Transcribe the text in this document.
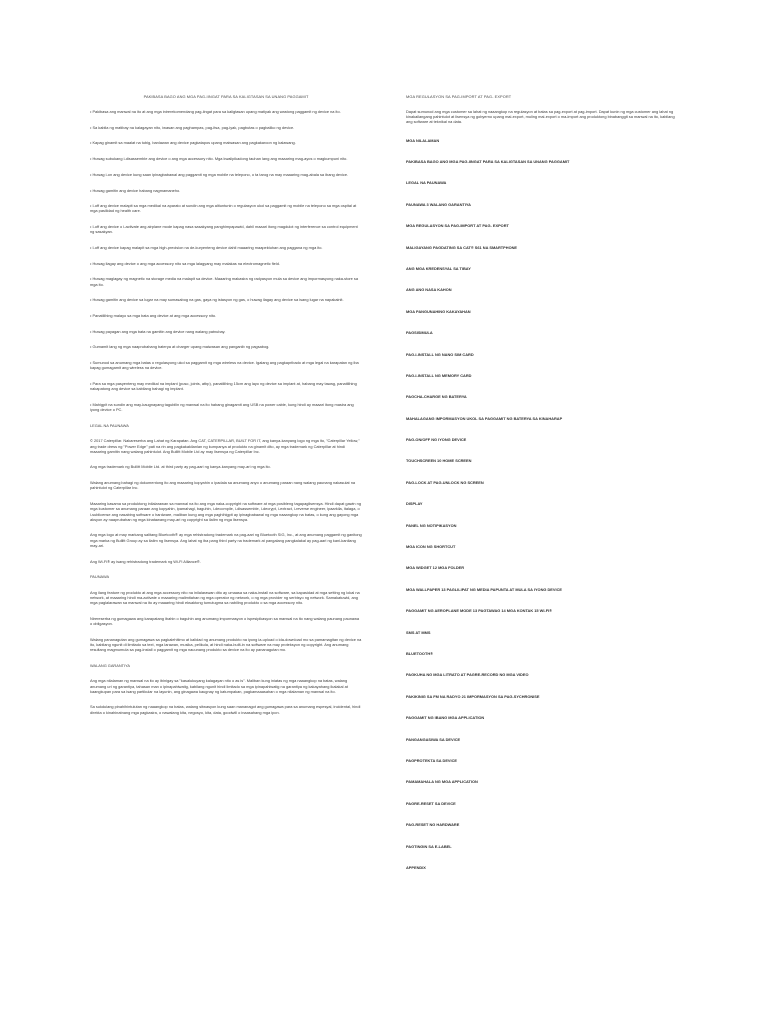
PAKIBASA BAGO ANG MGA PAG-IINGAT PARA SA KALIGTASAN SA UNANG PAGGAMIT
• Pakibasa ang manwal na ito at ang mga inirerekomendang pag-iingat para sa kaligtasan upang matiyak ang wastong paggamit ng device na ito.
• Sa kabila ng matibay na kalagayan nito, iwasan ang paghampas, pag-itsa, pag-iyak, pagbutas o pagbaliko ng device.
• Kapag ginamit sa maalat na tubig, banlawan ang device pagkatapos upang maiwasan ang pagkakaroon ng kalawang.
• Huwag subukang i-disassemble ang device o ang mga accessory nito. Mga kwalipikadong tauhan lang ang maaaring mag-ayos o magkumpuni nito.
• Huwag i-on ang device kung saan ipinagbabawal ang paggamit ng mga mobile na telepono, o ta tarog na may maaaring mag-abala sa ibang device.
• Huwag gamitin ang device habang nagmamaneho.
• I-off ang device malapit sa mga medikal na aparato at sundin ang mga alituntunin o regulasyon ukol sa paggamit ng mobile na telepono sa mga ospital at mga pasilidad ng health care.
• I-off ang device o i-activate ang airplane mode kapag nasa sasakyang panghimpapawid, dahil maaari itong magdulot ng interference sa control equipment ng sasakyan.
• I-off ang device kapag malapit sa mga high-precision na de-kuryenteng device dahil maaaring maapektuhan ang paggana ng mga ito.
• Huwag ilagay ang device o ang mga accessory nito sa mga lalagyang may malakas na electromagnetic field.
• Huwag maglagay ng magnetic na storage media na malapit sa device. Maaaring makasira ng radyasyon mula sa device ang impormasyong naka-store sa mga ito.
• Huwag gamitin ang device sa lugar na may sumasabog na gas, gaya ng istasyon ng gas, o huwag ilagay ang device sa isang lugar na napakainit.
• Panatilihing malayo sa mga bata ang device at ang mga accessory nito.
• Huwag payagan ang mga bata na gamitin ang device nang walang patnubay.
• Gumamit lang ng mga naaprubahang baterya at charger upang maiwasan ang panganib ng pagsabog.
• Sumunod sa anumang mga batas o regulasyong ukol sa paggamit ng mga wireless na device. Igalang ang pagkapribado at mga legal na karapatan ng iba kapag gumagamit ang wireless na device.
• Para sa mga pasyenteng may medikal na implant (puso, joints, atbp), panatilihing 15cm ang layo ng device sa implant at, habang may tawag, panatilihing nakapatong ang device sa kabilang bahagi ng implant.
• Mahigpit na sundin ang may-kaugnayang tagubilin ng manwal na ito habang ginagamit ang USB na power cable, kung hindi ay maaari itong masira ang iyong device o PC.
LEGAL NA PAUNAWA
© 2017 Caterpillar. Nakareserba ang Lahat ng Karapatan. Ang CAT, CATERPILLAR, BUILT FOR IT, ang kanya-kanyang logo ng mga ito, "Caterpillar Yellow," ang trade dress ng "Power Edge" pati na rin ang pagkakakilanlan ng kumpanya at produkto na ginamit dito, ay mga trademark ng Caterpillar at hindi maaaring gamitin nang walang pahintulot. Ang Bullitt Mobile Ltd ay may lisensya ng Caterpillar Inc.
Ang mga trademark ng Bullitt Mobile Ltd. at third party ay pag-aari ng kanya-kanyang may-ari ng mga ito.
Walang anumang bahagi ng dokumentong ito ang maaaring kopyahin o ipadala sa anumang anyo o anumang paraan nang walang paunang nakasulat na pahintulot ng Caterpillar Inc.
Maaaring kasama sa produktong inilalarawan sa manwal na ito ang mga naka-copyright na software at mga posibleng tagapaglisensya. Hindi dapat gawin ng mga kustomer sa anumang paraan ang kopyahin, ipamahagi, baguhin, i-decompile, i-disassemble, i-decrypt, i-extract, i-reverse engineer, ipaarkila, italaga, o i-sublicense ang nasabing software o hardware, maliban kung ang mga paghihigpit ay ipinagbabawal ng mga naaangkop na batas, o kung ang gayong mga aksyon ay naaprubahan ng mga kinatawang may-ari ng copyright sa ilalim ng mga lisensya.
Ang mga logo at may markang salitang Bluetooth® ay mga rehistradong trademark na pag-aari ng Bluetooth SIG, Inc., at ang anumang paggamit ng ganitong mga marka ng Bullitt Group ay sa ilalim ng lisensya. Ang lahat ng iba pang third party na trademark at pangalang pangkalakal ay pag-aari ng kani-kanilang may-ari.
Ang Wi-Fi® ay isang rehistradong trademark ng Wi-Fi Alliance®.
PAUNAWA
Ang ilang feature ng produkto at ang mga accessory nito na inilalarawan dito ay umaasa sa naka-install na software, sa kapasidad at mga setting ng lokal na network, at maaaring hindi ma-activate o maaaring malimitahan ng mga operator ng network, o ng mga provider ng serbisyo ng network. Samakatuwid, ang mga paglalarawan sa manwal na ito ay maaaring hindi eksaktong tumutugma sa nabiling produkto o sa mga accessory nito.
Nirereserba ng gumagawa ang karapatang ibahin o baguhin ang anumang impormasyon o ispesipikasyon sa manwal na ito nang walang paunang paunawa o obligasyon.
Walang pananagutan ang gumagawa sa pagkalehitimo at kalidad ng anumang produkto na iyong ia-upload o ida-download mo sa pamamagitan ng device na ito, kabilang ngunit di limitado sa text, mga larawan, musika, pelikula, at hindi naka-built-in na software na may proteksyon ng copyright. Ang anumang resultang magmumula sa pag-install o paggamit ng mga nauunang produkto sa device na ito ay pananagutan mo.
WALANG GARANTIYA
Ang mga nilalaman ng manwal na ito ay ibinigay sa "kasalukuyang kalagayan nito o as is". Maliban kung iniatas ng mga naaangkop na batas, walang anumang uri ng garantiya, tahasan man o ipinapahiwatig, kabilang ngunit hindi limitado sa mga ipinapahiwatig na garantiya ng kakayahang ikalakal at kaangkupan para sa isang partikular na layunin, ang ginagawa kaugnay ng katumpakan, pagkamaaasahan o mga nilalaman ng manwal na ito.
Sa sukdulang pinahihintulutan ng naaangkop na batas, walang sitwasyon kung saan mananagot ang gumagawa para sa anumang espesyal, incidental, hindi direkta o kinahinatnang mga pagkasira, o nawalang kita, negosyo, kita, data, goodwill o inaasahang mga ipon.
MGA REGULASYON SA PAG-IMPORT AT PAG- EXPORT
Dapat sumunod ang mga customer sa lahat ng naaangkop na regulasyon at batas sa pag-export at pag-import. Dapat kunin ng mga customer ang lahat ng kinakailangang pahintulot at lisensya ng gobyerno upang mai-export, muling mai-export o ma-import ang produktong binabanggit sa manwal na ito, kabilang ang software at teknikal na data.
MGA NILALAMAN
PAKIBASA BAGO ANG MGA PAG-IINGAT PARA SA KALIGTASAN SA UNANG PAGGAMIT
LEGAL NA PAUNAWA
PAUNAWA 3 WALANG GARANTIYA
MGA REGULASYON SA PAG-IMPORT AT PAG- EXPORT
MALIGAYANG PAGDATING SA CAT® S61 NA SMARTPHONE
ANG MGA KREDENSYAL SA TIBAY
ANG ANG NASA KAHON
MGA PANGUNAHING KAKAYAHAN
PAGSISIMULA
PAG-I-INSTALL NG NANO SIM CARD
PAG-I-INSTALL NG MEMORY CARD
PAGCHA-CHARGE NG BATERYA
MAHALAGANG IMPORMASYON UKOL SA PAGGAMIT NG BATERYA SA KINAHARAP
PAG-ON/OFF NG IYONG DEVICE
TOUCHSCREEN 10 HOME SCREEN
PAG-LOCK AT PAG-UNLOCK NG SCREEN
DISPLAY
PANEL NG NOTIPIKASYON
MGA ICON NG SHORTCUT
MGA WIDGET 12 MGA FOLDER
MGA WALLPAPER 13 PAGLILIPAT NG MEDIA PAPUNTA AT MULA SA IYONG DEVICE
PAGGAMIT NG AEROPLANE MODE 13 PAGTAWAG 14 MGA KONTAK 15 WI-FI®
SMS AT MMS
BLUETOOTH®
PAGKUHA NG MGA LITRATO AT PAGRE-RECORD NG MGA VIDEO
PAKIKINIG SA FM NA RADYO 21 IMPORMASYON SA PAG-SYCHRONISE
PAGGAMIT NG IBANG MGA APPLICATION
PANGANGASIWA SA DEVICE
PAGPROTEKTA SA DEVICE
PAMAMAHALA NG MGA APPLICATION
PAGRE-RESET SA DEVICE
PAG-RESET NG HARDWARE
PAGTINGIN SA E-LABEL
APPENDIX
